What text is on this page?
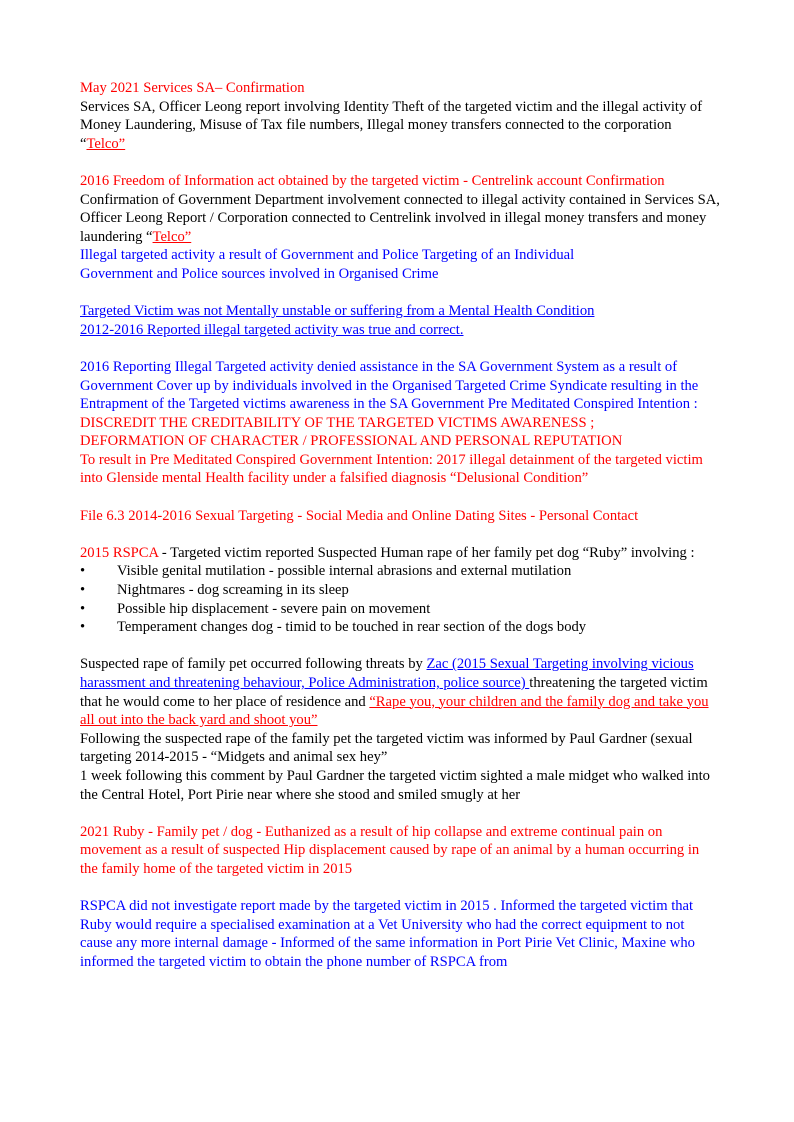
May 2021 Services SA– Confirmation

Services SA, Officer Leong report involving Identity Theft of the targeted victim and the illegal activity of Money Laundering, Misuse of Tax file numbers, Illegal money transfers connected to the corporation “Telco”

2016 Freedom of Information act obtained by the targeted victim - Centrelink account Confirmation

Confirmation of Government Department involvement connected to illegal activity contained in Services SA, Officer Leong Report / Corporation connected to Centrelink involved in illegal money transfers and money laundering “Telco”

Illegal targeted activity a result of Government and Police Targeting of an Individual

Government and Police sources involved in Organised Crime

Targeted Victim was not Mentally unstable or suffering from a Mental Health Condition

2012-2016 Reported illegal targeted activity was true and correct.

2016 Reporting Illegal Targeted activity denied assistance in the SA Government System as a result of Government Cover up by individuals involved in the Organised Targeted Crime Syndicate resulting in the Entrapment of the Targeted victims awareness in the SA Government Pre Meditated Conspired Intention :

DISCREDIT THE CREDITABILITY OF THE TARGETED VICTIMS AWARENESS ;

DEFORMATION OF CHARACTER / PROFESSIONAL AND PERSONAL REPUTATION

To result in Pre Meditated Conspired Government Intention: 2017 illegal detainment of the targeted victim into Glenside mental Health facility under a falsified diagnosis “Delusional Condition”

File 6.3 2014-2016 Sexual Targeting - Social Media and Online Dating Sites - Personal Contact

2015 RSPCA - Targeted victim reported Suspected Human rape of her family pet dog “Ruby” involving :

•	Visible genital mutilation - possible internal abrasions and external mutilation
•	Nightmares - dog screaming in its sleep
•	Possible hip displacement - severe pain on movement
•	Temperament changes dog - timid to be touched in rear section of the dogs body

Suspected rape of family pet occurred following threats by Zac (2015 Sexual Targeting involving vicious harassment and threatening behaviour, Police Administration, police source) threatening the targeted victim that he would come to her place of residence and “Rape you, your children and the family dog and take you all out into the back yard and shoot you”

Following the suspected rape of the family pet the targeted victim was informed by Paul Gardner (sexual targeting 2014-2015 - “Midgets and animal sex hey”

1 week following this comment by Paul Gardner the targeted victim sighted a male midget who walked into the Central Hotel, Port Pirie near where she stood and smiled smugly at her

2021 Ruby - Family pet / dog - Euthanized as a result of hip collapse and extreme continual pain on movement as a result of suspected Hip displacement caused by rape of an animal by a human occurring in the family home of the targeted victim in 2015

RSPCA did not investigate report made by the targeted victim in 2015 . Informed the targeted victim that Ruby would require a specialised examination at a Vet University who had the correct equipment to not cause any more internal damage - Informed of the same information in Port Pirie Vet Clinic, Maxine who informed the targeted victim to obtain the phone number of RSPCA from
